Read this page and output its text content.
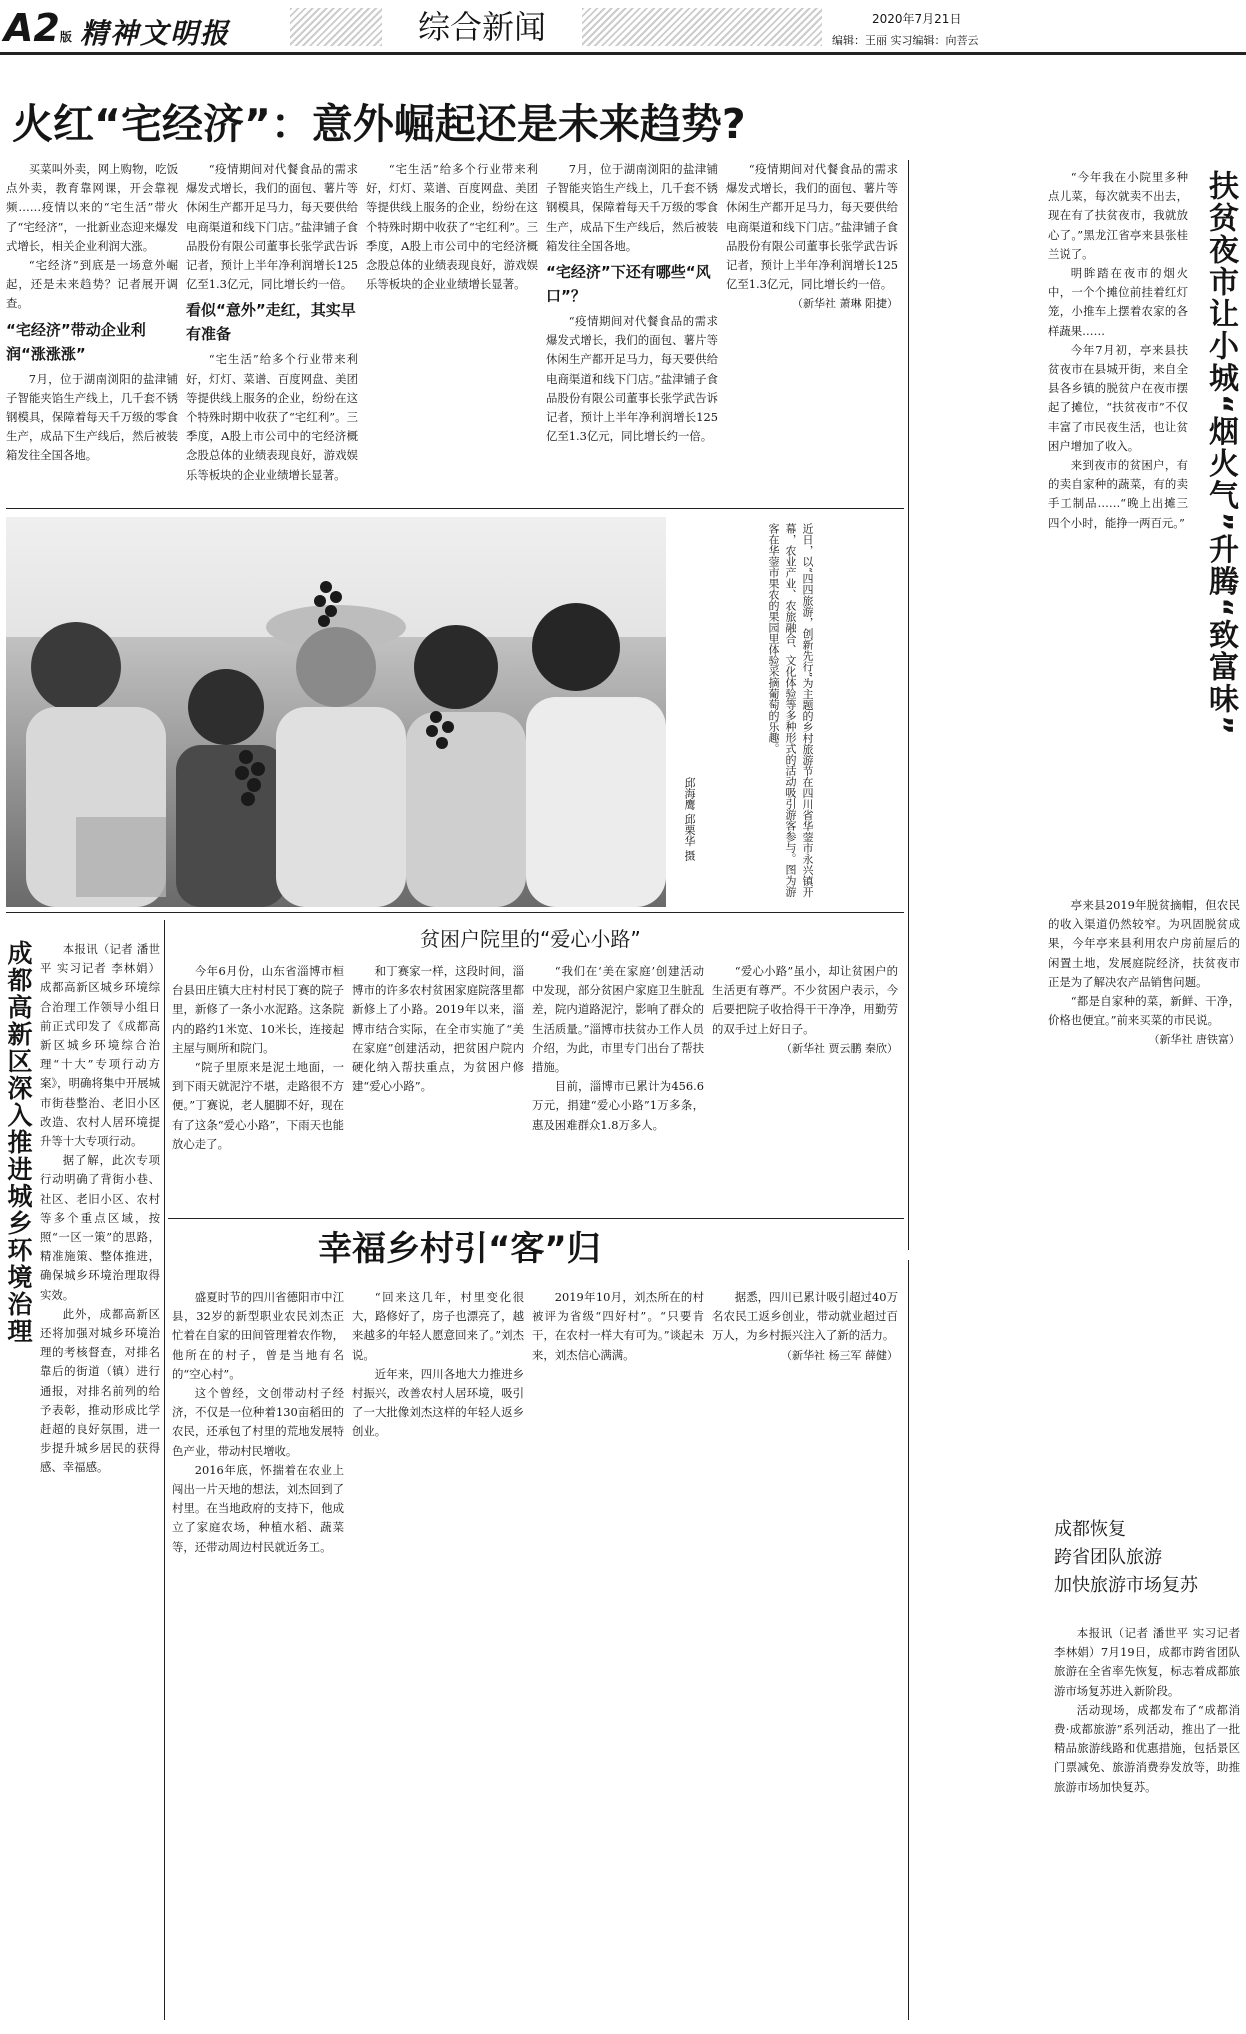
A2版 精神文明报	综合新闻	2020年7月21日
编辑：王丽 实习编辑：向菩云
火红“宅经济”：意外崛起还是未来趋势?

买菜叫外卖，网上购物，吃饭点外卖，教育靠网课，开会靠视频……疫情以来的“宅生活”带火了“宅经济”，一批新业态迎来爆发式增长，相关企业利润大涨。

“宅经济”到底是一场意外崛起，还是未来趋势？记者展开调查。

“宅经济”带动企业利润“涨涨涨”

7月，位于湖南浏阳的盐津铺子智能夹馅生产线上，几千套不锈钢模具，保障着每天千万级的零食生产，成品下生产线后，然后被装箱发往全国各地。

“疫情期间对代餐食品的需求爆发式增长，我们的面包、薯片等休闲生产都开足马力，每天要供给电商渠道和线下门店。”盐津铺子食品股份有限公司董事长张学武告诉记者，预计上半年净利润增长125亿至1.3亿元，同比增长约一倍。

看似“意外”走红，其实早有准备

“宅生活”给多个行业带来利好，灯灯、菜谱、百度网盘、美团等提供线上服务的企业，纷纷在这个特殊时期中收获了“宅红利”。三季度，A股上市公司中的宅经济概念股总体的业绩表现良好，游戏娱乐等板块的企业业绩增长显著。

“宅生活”给多个行业带来利好，灯灯、菜谱、百度网盘、美团等提供线上服务的企业，纷纷在这个特殊时期中收获了“宅红利”。三季度，A股上市公司中的宅经济概念股总体的业绩表现良好，游戏娱乐等板块的企业业绩增长显著。

7月，位于湖南浏阳的盐津铺子智能夹馅生产线上，几千套不锈钢模具，保障着每天千万级的零食生产，成品下生产线后，然后被装箱发往全国各地。

“宅经济”下还有哪些“风口”？

“疫情期间对代餐食品的需求爆发式增长，我们的面包、薯片等休闲生产都开足马力，每天要供给电商渠道和线下门店。”盐津铺子食品股份有限公司董事长张学武告诉记者，预计上半年净利润增长125亿至1.3亿元，同比增长约一倍。

“疫情期间对代餐食品的需求爆发式增长，我们的面包、薯片等休闲生产都开足马力，每天要供给电商渠道和线下门店。”盐津铺子食品股份有限公司董事长张学武告诉记者，预计上半年净利润增长125亿至1.3亿元，同比增长约一倍。

（新华社 萧琳 阳捷）	扶贫夜市让小城“烟火气”升腾“致富味”

“今年我在小院里多种点儿菜，每次就卖不出去，现在有了扶贫夜市，我就放心了。”黑龙江省亭来县张桂兰说了。

明眸踏在夜市的烟火中，一个个摊位前挂着红灯笼，小推车上摆着农家的各样蔬果……

今年7月初，亭来县扶贫夜市在县城开街，来自全县各乡镇的脱贫户在夜市摆起了摊位，“扶贫夜市”不仅丰富了市民夜生活，也让贫困户增加了收入。

来到夜市的贫困户，有的卖自家种的蔬菜，有的卖手工制品……“晚上出摊三四个小时，能挣一两百元。”

亭来县2019年脱贫摘帽，但农民的收入渠道仍然较窄。为巩固脱贫成果，今年亭来县利用农户房前屋后的闲置土地，发展庭院经济，扶贫夜市正是为了解决农产品销售问题。

“都是自家种的菜，新鲜、干净，价格也便宜。”前来买菜的市民说。

（新华社 唐铁富）
近日，以“四四旅游，创新先行”为主题的乡村旅游节在四川省华蓥市永兴镇开幕，农业产业、农旅融合、文化体验等多种形式的活动吸引游客参与。图为游客在华蓥市果农的果园里体验采摘葡萄的乐趣。
邱海鹰 邱栗华 摄
成都高新区深入推进城乡环境治理	本报讯（记者 潘世平 实习记者 李林娟）成都高新区城乡环境综合治理工作领导小组日前正式印发了《成都高新区城乡环境综合治理“十大”专项行动方案》，明确将集中开展城市街巷整治、老旧小区改造、农村人居环境提升等十大专项行动。

据了解，此次专项行动明确了背街小巷、社区、老旧小区、农村等多个重点区域，按照“一区一策”的思路，精准施策、整体推进，确保城乡环境治理取得实效。

此外，成都高新区还将加强对城乡环境治理的考核督查，对排名靠后的街道（镇）进行通报，对排名前列的给予表彰，推动形成比学赶超的良好氛围，进一步提升城乡居民的获得感、幸福感。

贫困户院里的“爱心小路”

今年6月份，山东省淄博市桓台县田庄镇大庄村村民丁赛的院子里，新修了一条小水泥路。这条院内的路约1米宽、10米长，连接起主屋与厕所和院门。

“院子里原来是泥土地面，一到下雨天就泥泞不堪，走路很不方便。”丁赛说，老人腿脚不好，现在有了这条“爱心小路”，下雨天也能放心走了。

和丁赛家一样，这段时间，淄博市的许多农村贫困家庭院落里都新修上了小路。2019年以来，淄博市结合实际，在全市实施了“美在家庭”创建活动，把贫困户院内硬化纳入帮扶重点，为贫困户修建“爱心小路”。

“我们在‘美在家庭’创建活动中发现，部分贫困户家庭卫生脏乱差，院内道路泥泞，影响了群众的生活质量。”淄博市扶贫办工作人员介绍，为此，市里专门出台了帮扶措施。

目前，淄博市已累计为456.6万元，捐建“爱心小路”1万多条，惠及困难群众1.8万多人。

“爱心小路”虽小，却让贫困户的生活更有尊严。不少贫困户表示，今后要把院子收拾得干干净净，用勤劳的双手过上好日子。

（新华社 贾云鹏 秦欣）
幸福乡村引“客”归

盛夏时节的四川省德阳市中江县，32岁的新型职业农民刘杰正忙着在自家的田间管理着农作物，他所在的村子，曾是当地有名的“空心村”。

这个曾经，文创带动村子经济，不仅是一位种着130亩稻田的农民，还承包了村里的荒地发展特色产业，带动村民增收。

2016年底，怀揣着在农业上闯出一片天地的想法，刘杰回到了村里。在当地政府的支持下，他成立了家庭农场，种植水稻、蔬菜等，还带动周边村民就近务工。

“回来这几年，村里变化很大，路修好了，房子也漂亮了，越来越多的年轻人愿意回来了。”刘杰说。

近年来，四川各地大力推进乡村振兴，改善农村人居环境，吸引了一大批像刘杰这样的年轻人返乡创业。

2019年10月，刘杰所在的村被评为省级“四好村”。“只要肯干，在农村一样大有可为。”谈起未来，刘杰信心满满。

据悉，四川已累计吸引超过40万名农民工返乡创业，带动就业超过百万人，为乡村振兴注入了新的活力。

（新华社 杨三军 薛健）
成都恢复
跨省团队旅游
加快旅游市场复苏

本报讯（记者 潘世平 实习记者 李林娟）7月19日，成都市跨省团队旅游在全省率先恢复，标志着成都旅游市场复苏进入新阶段。

活动现场，成都发布了“成都消费·成都旅游”系列活动，推出了一批精品旅游线路和优惠措施，包括景区门票减免、旅游消费券发放等，助推旅游市场加快复苏。
